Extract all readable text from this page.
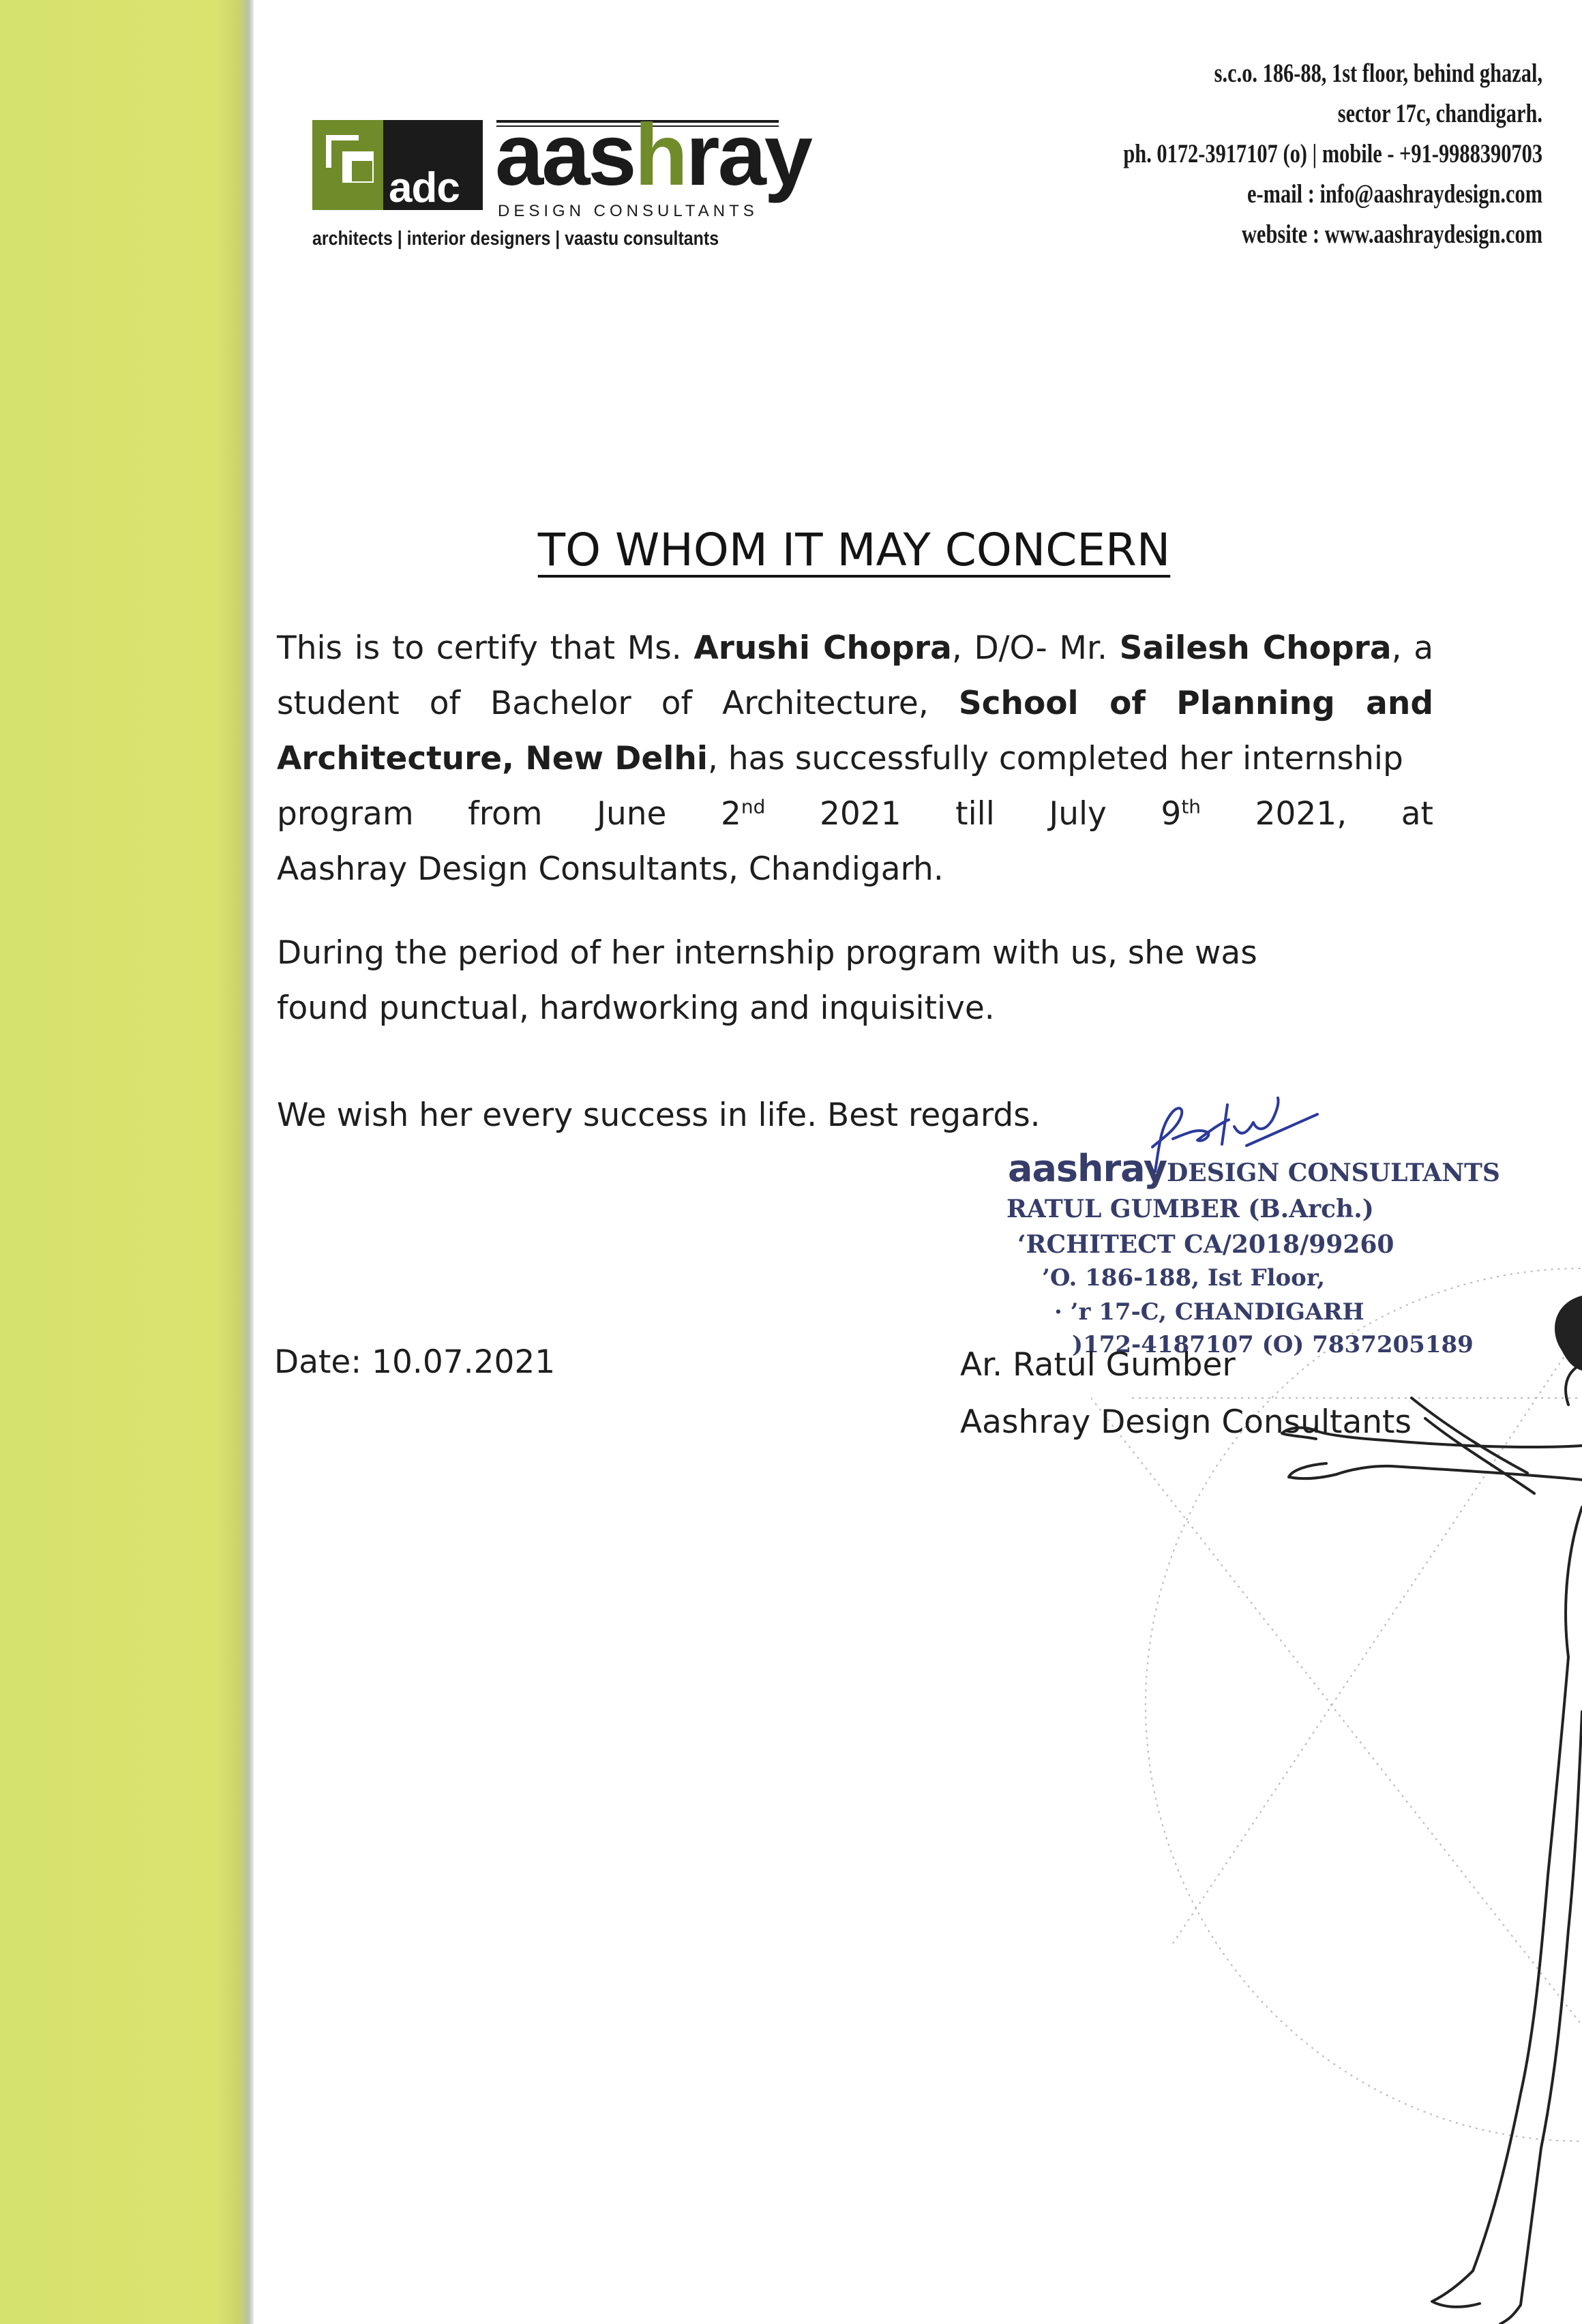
adc aashray
DESIGN CONSULTANTS
architects | interior designers | vaastu consultants
s.c.o. 186-88, 1st floor, behind ghazal,
sector 17c, chandigarh.
ph. 0172-3917107 (o) | mobile - +91-9988390703
e-mail : info@aashraydesign.com
website : www.aashraydesign.com
TO WHOM IT MAY CONCERN
This is to certify that Ms. Arushi Chopra, D/O- Mr. Sailesh Chopra, a student of Bachelor of Architecture, School of Planning and Architecture, New Delhi, has successfully completed her internship
program from June 2nd 2021 till July 9th 2021, at
Aashray Design Consultants, Chandigarh.
During the period of her internship program with us, she was found punctual, hardworking and inquisitive.
We wish her every success in life. Best regards.
Date: 10.07.2021
aashrayDESIGN CONSULTANTS
RATUL GUMBER (B.Arch.)
‘RCHITECT CA/2018/99260
’O. 186-188, Ist Floor,
· ’r 17-C, CHANDIGARH
)172-4187107 (O) 7837205189
Ar. Ratul Gumber
Aashray Design Consultants
